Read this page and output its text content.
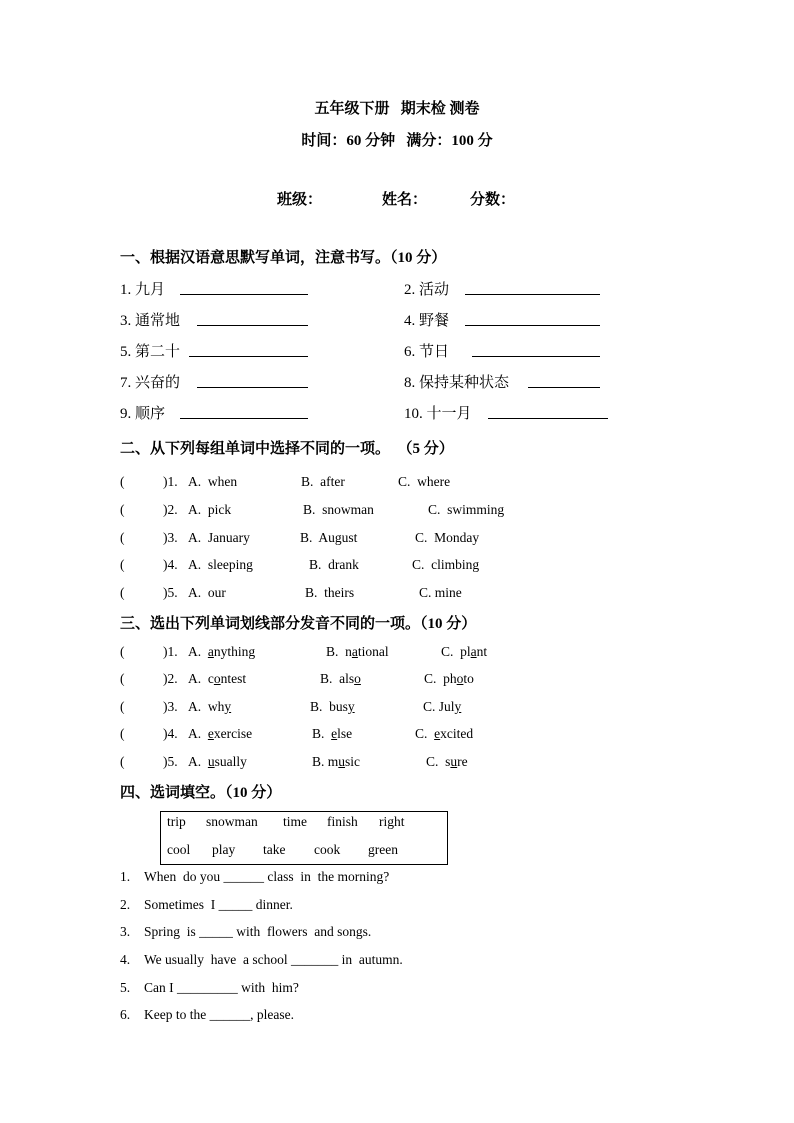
五年级下册   期末检 测卷
时间：60 分钟   满分：100 分
班级：	姓名：	分数：
一、根据汉语意思默写单词，注意书写。（10 分）
1. 九月	2. 活动
3. 通常地	4. 野餐
5. 第二十	6. 节日
7. 兴奋的	8. 保持某种状态
9. 顺序	10. 十一月
二、从下列每组单词中选择不同的一项。  （5 分）
(	)1. A.  when	B.  after	C.  where
(	)2. A.  pick	B.  snowman	C.  swimming
(	)3. A.  January	B.  August	C.  Monday
(	)4. A.  sleeping	B.  drank	C.  climbing
(	)5. A.  our	B.  theirs	C. mine
三、选出下列单词划线部分发音不同的一项。（10 分）
(	)1. A. anything	B. national	C. plant
(	)2. A. contest	B. also	C. photo
(	)3. A. why	B. busy	C. July
(	)4. A. exercise	B. else	C. excited
(	)5. A. usually	B. music	C. sure
四、选词填空。（10 分）
trip snowman time finish right
cool play take cook green
1. When  do you ______ class  in  the morning?
2. Sometimes  I _____ dinner.
3. Spring  is _____ with  flowers  and songs.
4. We usually  have  a school _______ in  autumn.
5. Can I _________ with  him?
6. Keep to the ______, please.
